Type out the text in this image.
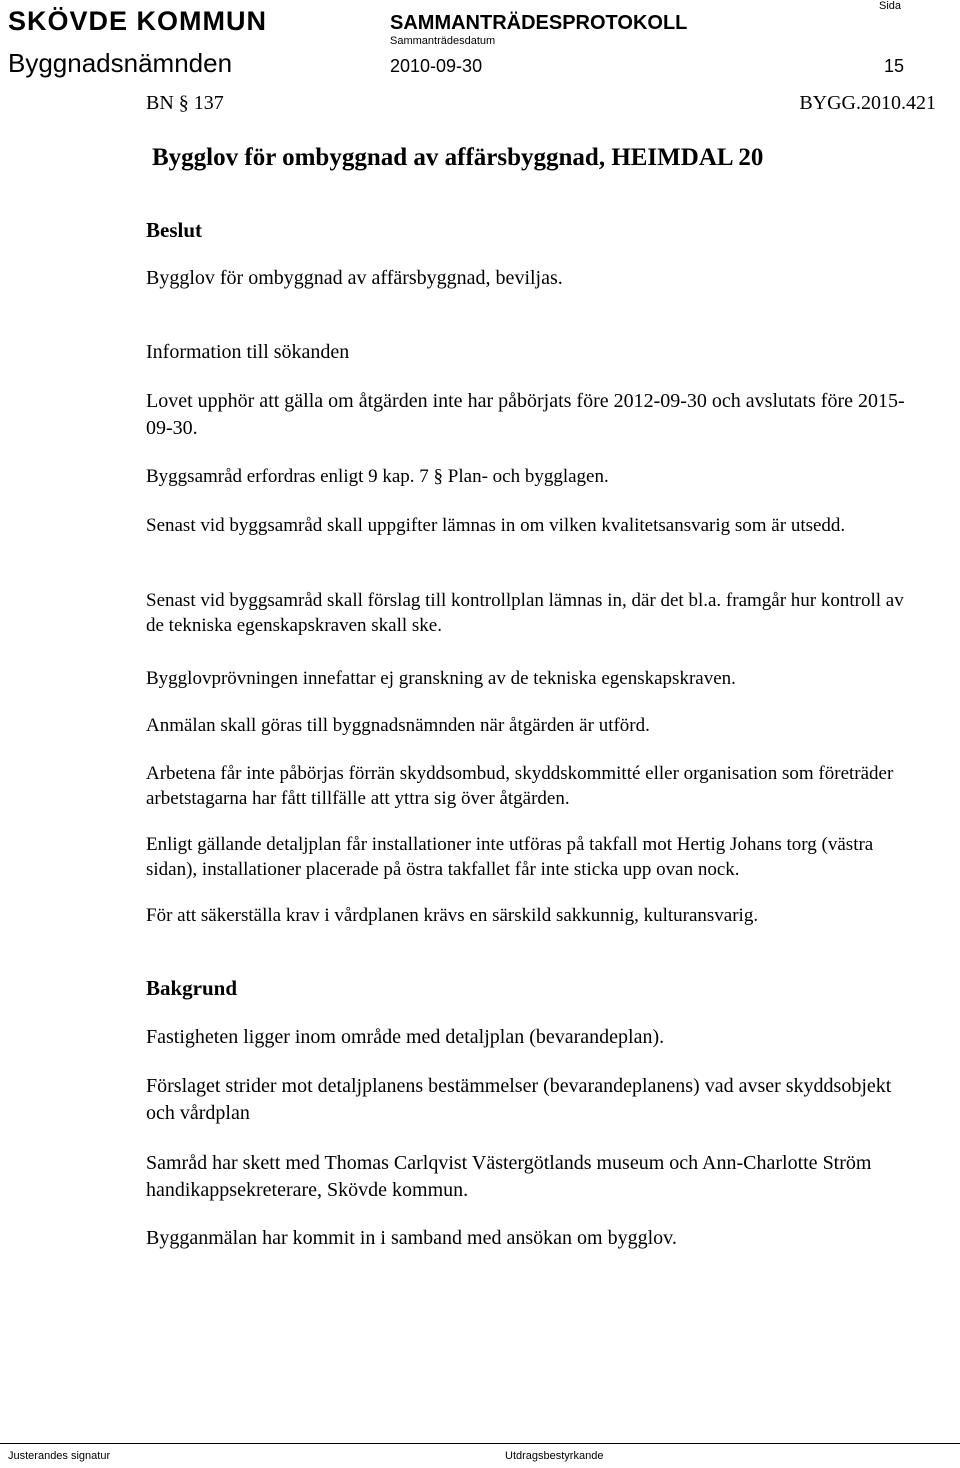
SKÖVDE KOMMUN	SAMMANTRÄDESPROTOKOLL
Sammanträdesdatum
Sida
Byggnadsnämnden	2010-09-30	15
BN § 137	BYGG.2010.421
Bygglov för ombyggnad av affärsbyggnad, HEIMDAL 20
Beslut
Bygglov för ombyggnad av affärsbyggnad, beviljas.
Information till sökanden
Lovet upphör att gälla om åtgärden inte har påbörjats före 2012-09-30 och avslutats före 2015-09-30.
Byggsamråd erfordras enligt 9 kap. 7 § Plan- och bygglagen.
Senast vid byggsamråd skall uppgifter lämnas in om vilken kvalitetsansvarig som är utsedd.
Senast vid byggsamråd skall förslag till kontrollplan lämnas in, där det bl.a. framgår hur kontroll av de tekniska egenskapskraven skall ske.
Bygglovprövningen innefattar ej granskning av de tekniska egenskapskraven.
Anmälan skall göras till byggnadsnämnden när åtgärden är utförd.
Arbetena får inte påbörjas förrän skyddsombud, skyddskommitté eller organisation som företräder arbetstagarna har fått tillfälle att yttra sig över åtgärden.
Enligt gällande detaljplan får installationer inte utföras på takfall mot Hertig Johans torg (västra sidan), installationer placerade på östra takfallet får inte sticka upp ovan nock.
För att säkerställa krav i vårdplanen krävs en särskild sakkunnig, kulturansvarig.
Bakgrund
Fastigheten ligger inom område med detaljplan (bevarandeplan).
Förslaget strider mot detaljplanens bestämmelser (bevarandeplanens) vad avser skyddsobjekt och vårdplan
Samråd har skett med Thomas Carlqvist Västergötlands museum och Ann-Charlotte Ström handikappsekreterare, Skövde kommun.
Bygganmälan har kommit in i samband med ansökan om bygglov.
Justerandes signatur	Utdragsbestyrkande
